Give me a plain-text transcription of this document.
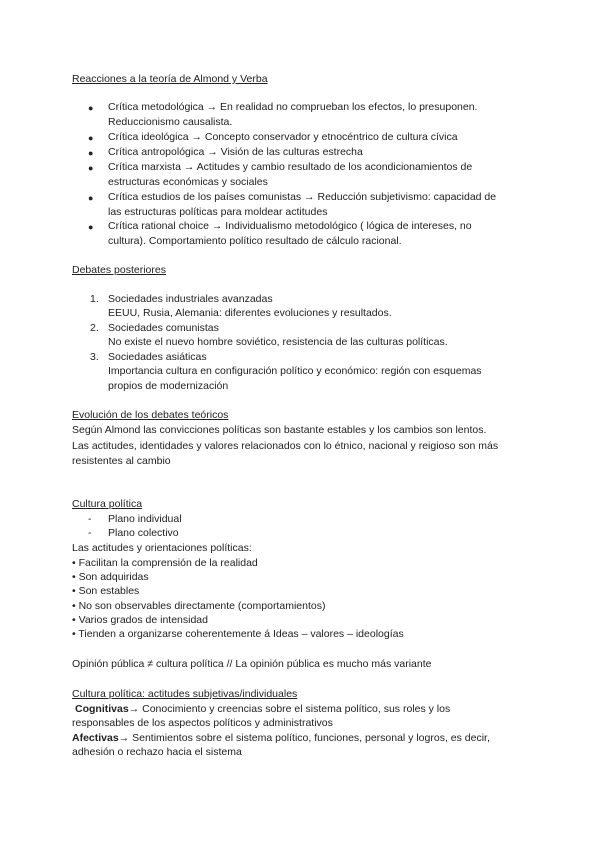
Reacciones a la teoría de Almond y Verba
● Crítica metodológica → En realidad no comprueban los efectos, lo presuponen.
Reduccionismo causalista.
● Crítica ideológica → Concepto conservador y etnocéntrico de cultura cívica
● Crítica antropológica → Visión de las culturas estrecha
● Crítica marxista → Actitudes y cambio resultado de los acondicionamientos de
estructuras económicas y sociales
● Crítica estudios de los países comunistas → Reducción subjetivismo: capacidad de
las estructuras políticas para moldear actitudes
● Crítica rational choice → Individualismo metodológico ( lógica de intereses, no
cultura). Comportamiento político resultado de cálculo racional.
Debates posteriores
1. Sociedades industriales avanzadas
EEUU, Rusia, Alemania: diferentes evoluciones y resultados.
2. Sociedades comunistas
No existe el nuevo hombre soviético, resistencia de las culturas políticas.
3. Sociedades asiáticas
Importancia cultura en configuración político y económico: región con esquemas
propios de modernización
Evolución de los debates teóricos
Según Almond las convicciones políticas son bastante estables y los cambios son lentos.
Las actitudes, identidades y valores relacionados con lo étnico, nacional y reigioso son más
resistentes al cambio
Cultura política
- Plano individual
- Plano colectivo
Las actitudes y orientaciones políticas:
• Facilitan la comprensión de la realidad
• Son adquiridas
• Son estables
• No son observables directamente (comportamientos)
• Varios grados de intensidad
• Tienden a organizarse coherentemente á Ideas – valores – ideologías
Opinión pública ≠ cultura política // La opinión pública es mucho más variante
Cultura política: actitudes subjetivas/individuales
Cognitivas→ Conocimiento y creencias sobre el sistema político, sus roles y los
responsables de los aspectos políticos y administrativos
Afectivas→ Sentimientos sobre el sistema político, funciones, personal y logros, es decir,
adhesión o rechazo hacia el sistema
